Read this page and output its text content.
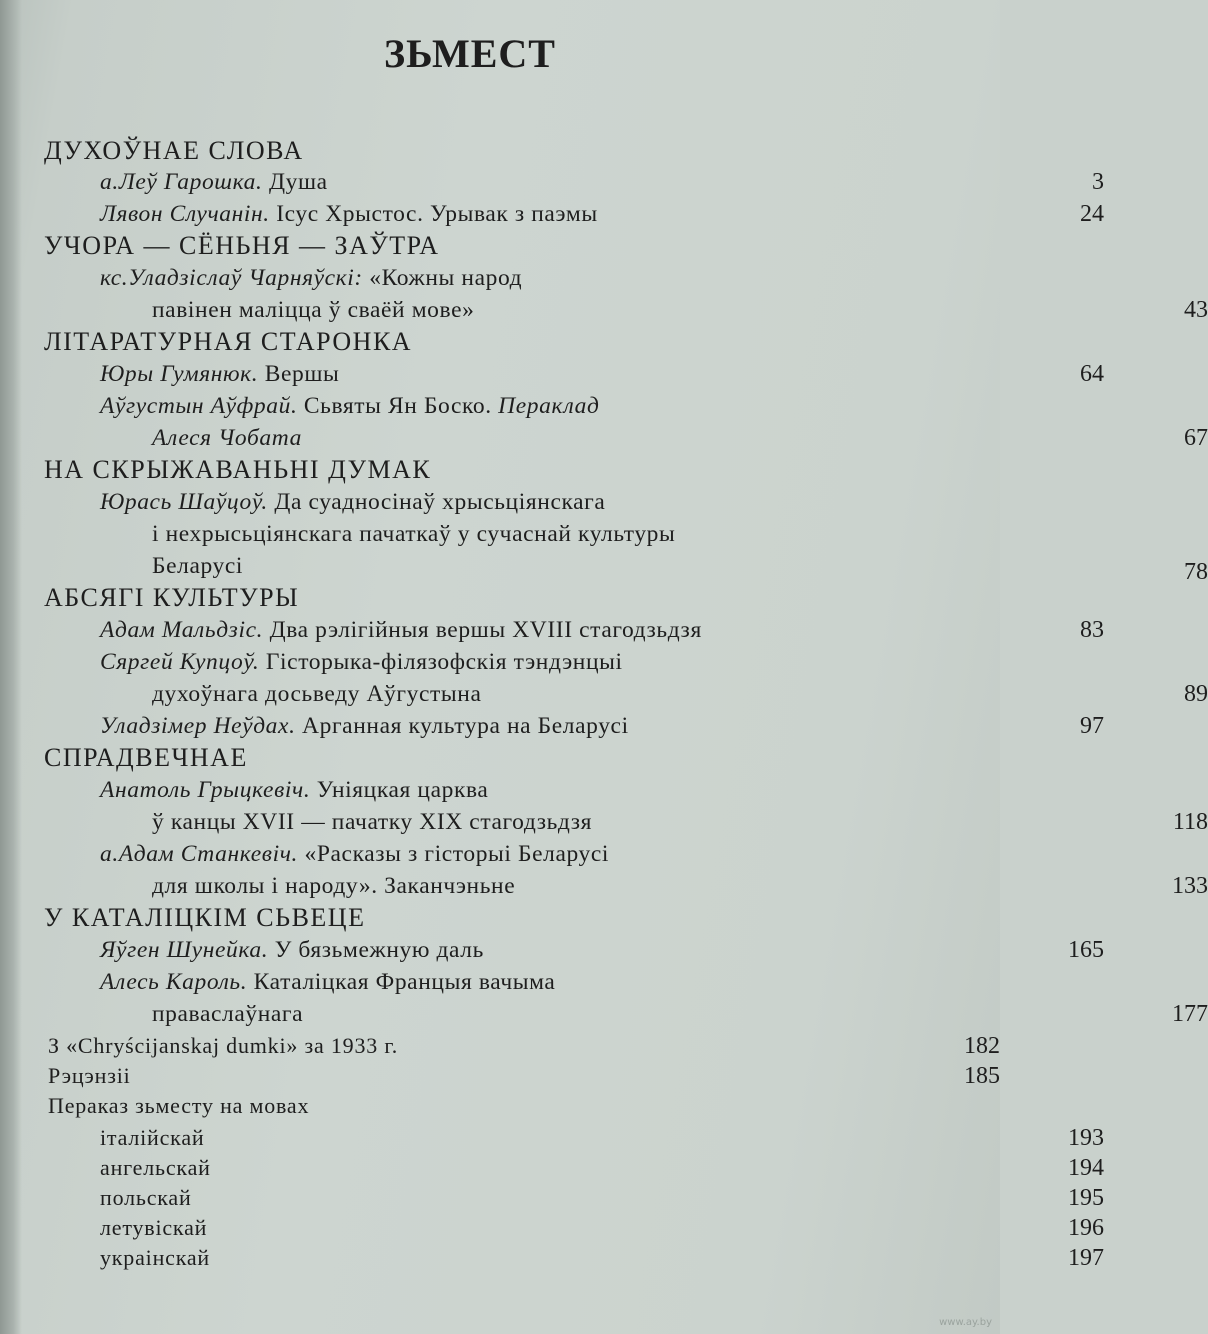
ЗЬМЕСТ
ДУХОЎНАЕ СЛОВА
а.Леў Гарошка. Душа	3
Лявон Случанін. Ісус Хрыстос. Урывак з паэмы	24
УЧОРА — СЁНЬНЯ — ЗАЎТРА
кс.Уладзіслаў Чарняўскі: «Кожны народ
павінен маліцца ў сваёй мове»	43
ЛІТАРАТУРНАЯ СТАРОНКА
Юры Гумянюк. Вершы	64
Аўгустын Аўфрай. Сьвяты Ян Боско. Пераклад
Алеся Чобата	67
НА СКРЫЖАВАНЬНІ ДУМАК
Юрась Шаўцоў. Да суадносінаў хрысьціянскага
і нехрысьціянскага пачаткаў у сучаснай культуры
Беларусі	78
АБСЯГІ КУЛЬТУРЫ
Адам Мальдзіс. Два рэлігійныя вершы XVIII стагодзьдзя	83
Сяргей Купцоў. Гісторыка-філязофскія тэндэнцыі
духоўнага досьведу Аўгустына	89
Уладзімер Неўдах. Арганная культура на Беларусі	97
СПРАДВЕЧНАЕ
Анатоль Грыцкевіч. Уніяцкая царква
ў канцы XVII — пачатку XIX стагодзьдзя	118
а.Адам Станкевіч. «Расказы з гісторыі Беларусі
для школы і народу». Заканчэньне	133
У КАТАЛІЦКІМ СЬВЕЦЕ
Яўген Шунейка. У бязьмежную даль	165
Алесь Кароль. Каталіцкая Францыя вачыма
праваслаўнага	177
З «Chryścijanskaj dumki» за 1933 г.	182
Рэцэнзіі	185
Пераказ зьместу на мовах
італійскай	193
ангельскай	194
польскай	195
летувіскай	196
украінскай	197
www.ay.by
